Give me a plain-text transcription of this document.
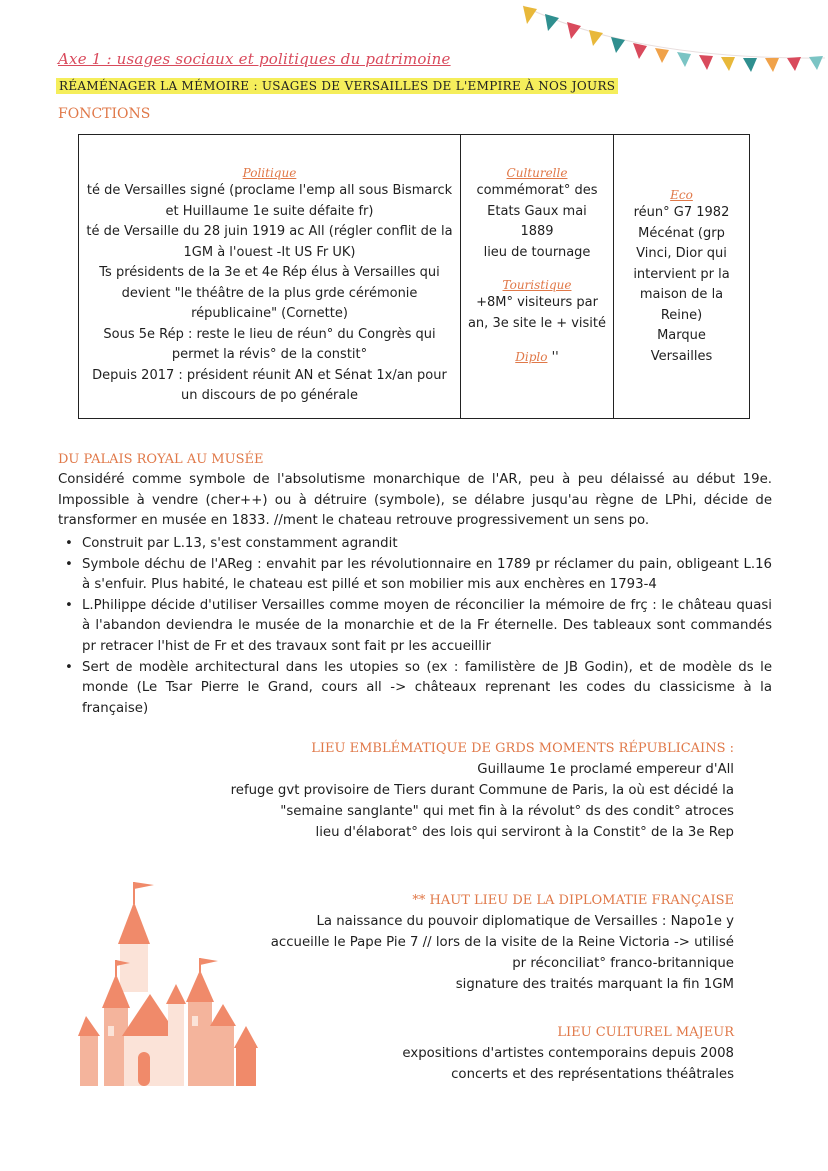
Axe 1 : usages sociaux et politiques du patrimoine
RÉAMÉNAGER LA MÉMOIRE : USAGES DE VERSAILLES DE L'EMPIRE À NOS JOURS
FONCTIONS

Politique

té de Versailles signé (proclame l'emp all sous Bismarck

et Huillaume 1e suite défaite fr)

té de Versaille du 28 juin 1919 ac All (régler conflit de la

1GM à l'ouest -It US Fr UK)

Ts présidents de la 3e et 4e Rép élus à Versailles qui

devient "le théâtre de la plus grde cérémonie

républicaine" (Cornette)

Sous 5e Rép : reste le lieu de réun° du Congrès qui

permet la révis° de la constit°

Depuis 2017 : président réunit AN et Sénat 1x/an pour

un discours de po générale

Culturelle

commémorat° des

Etats Gaux mai

1889

lieu de tournage

Touristique

+8M° visiteurs par

an, 3e site le + visité

Diplo ''

Eco

réun° G7 1982

Mécénat (grp

Vinci, Dior qui

intervient pr la

maison de la

Reine)

Marque

Versailles

DU PALAIS ROYAL AU MUSÉE

Considéré comme symbole de l'absolutisme monarchique de l'AR, peu à peu délaissé au début 19e. Impossible à vendre (cher++) ou à détruire (symbole), se délabre jusqu'au règne de LPhi, décide de transformer en musée en 1833. //ment le chateau retrouve progressivement un sens po.

• Construit par L.13, s'est constamment agrandit
• Symbole déchu de l'AReg : envahit par les révolutionnaire en 1789 pr réclamer du pain, obligeant L.16 à s'enfuir. Plus habité, le chateau est pillé et son mobilier mis aux enchères en 1793-4
• L.Philippe décide d'utiliser Versailles comme moyen de réconcilier la mémoire de frç : le château quasi à l'abandon deviendra le musée de la monarchie et de la Fr éternelle. Des tableaux sont commandés pr retracer l'hist de Fr et des travaux sont fait pr les accueillir
• Sert de modèle architectural dans les utopies so (ex : familistère de JB Godin), et de modèle ds le monde (Le Tsar Pierre le Grand, cours all -> châteaux reprenant les codes du classicisme à la française)
LIEU EMBLÉMATIQUE DE GRDS MOMENTS RÉPUBLICAINS :
Guillaume 1e proclamé empereur d'All
refuge gvt provisoire de Tiers durant Commune de Paris, la où est décidé la
"semaine sanglante" qui met fin à la révolut° ds des condit° atroces
lieu d'élaborat° des lois qui serviront à la Constit° de la 3e Rep
** HAUT LIEU DE LA DIPLOMATIE FRANÇAISE
La naissance du pouvoir diplomatique de Versailles : Napo1e y accueille le Pape Pie 7 // lors de la visite de la Reine Victoria -> utilisé pr réconciliat° franco-britannique
signature des traités marquant la fin 1GM
LIEU CULTUREL MAJEUR
expositions d'artistes contemporains depuis 2008
concerts et des représentations théâtrales
